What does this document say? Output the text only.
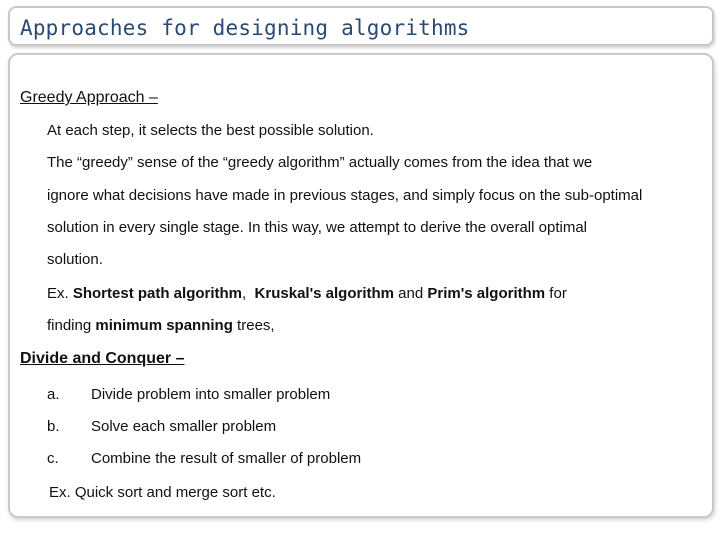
Approaches for designing algorithms
Greedy Approach –
At each step, it selects the best possible solution.
The “greedy” sense of the “greedy algorithm” actually comes from the idea that we
ignore what decisions have made in previous stages, and simply focus on the sub-optimal
solution in every single stage. In this way, we attempt to derive the overall optimal
solution.
Ex. Shortest path algorithm,  Kruskal's algorithm and Prim's algorithm for
finding minimum spanning trees,
Divide and Conquer –
a. Divide problem into smaller problem
b. Solve each smaller problem
c. Combine the result of smaller of problem
Ex. Quick sort and merge sort etc.
